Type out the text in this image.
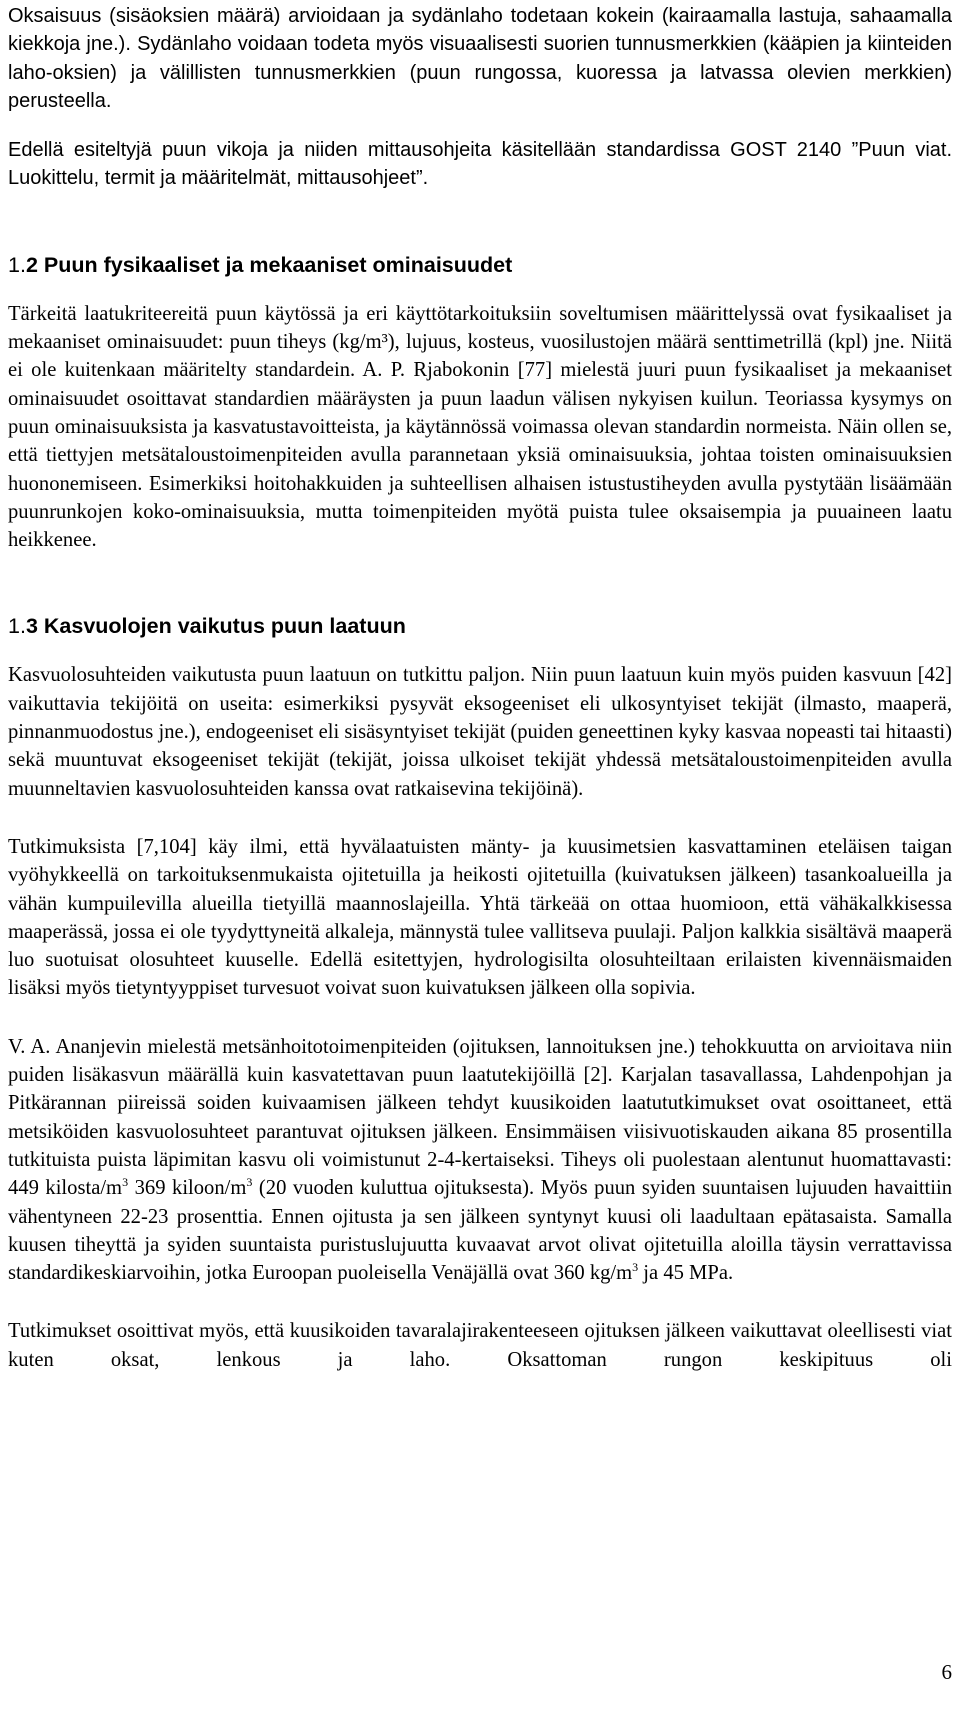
Oksaisuus (sisäoksien määrä) arvioidaan ja sydänlaho todetaan kokein (kairaamalla lastuja, sahaamalla kiekkoja jne.). Sydänlaho voidaan todeta myös visuaalisesti suorien tunnusmerkkien (kääpien ja kiinteiden laho-oksien) ja välillisten tunnusmerkkien (puun rungossa, kuoressa ja latvassa olevien merkkien) perusteella.

Edellä esiteltyjä puun vikoja ja niiden mittausohjeita käsitellään standardissa GOST 2140 ”Puun viat. Luokittelu, termit ja määritelmät, mittausohjeet”.

1.2 Puun fysikaaliset ja mekaaniset ominaisuudet

Tärkeitä laatukriteereitä puun käytössä ja eri käyttötarkoituksiin soveltumisen määrittelyssä ovat fysikaaliset ja mekaaniset ominaisuudet: puun tiheys (kg/m³), lujuus, kosteus, vuosilustojen määrä senttimetrillä (kpl) jne. Niitä ei ole kuitenkaan määritelty standardein. A. P. Rjabokonin [77] mielestä juuri puun fysikaaliset ja mekaaniset ominaisuudet osoittavat standardien määräysten ja puun laadun välisen nykyisen kuilun. Teoriassa kysymys on puun ominaisuuksista ja kasvatustavoitteista, ja käytännössä voimassa olevan standardin normeista. Näin ollen se, että tiettyjen metsätaloustoimenpiteiden avulla parannetaan yksiä ominaisuuksia, johtaa toisten ominaisuuksien huononemiseen. Esimerkiksi hoitohakkuiden ja suhteellisen alhaisen istustustiheyden avulla pystytään lisäämään puunrunkojen koko-ominaisuuksia, mutta toimenpiteiden myötä puista tulee oksaisempia ja puuaineen laatu heikkenee.

1.3 Kasvuolojen vaikutus puun laatuun

Kasvuolosuhteiden vaikutusta puun laatuun on tutkittu paljon. Niin puun laatuun kuin myös puiden kasvuun [42] vaikuttavia tekijöitä on useita: esimerkiksi pysyvät eksogeeniset eli ulkosyntyiset tekijät (ilmasto, maaperä, pinnanmuodostus jne.), endogeeniset eli sisäsyntyiset tekijät (puiden geneettinen kyky kasvaa nopeasti tai hitaasti) sekä muuntuvat eksogeeniset tekijät (tekijät, joissa ulkoiset tekijät yhdessä metsätaloustoimenpiteiden avulla muunneltavien kasvuolosuhteiden kanssa ovat ratkaisevina tekijöinä).

Tutkimuksista [7,104] käy ilmi, että hyvälaatuisten mänty- ja kuusimetsien kasvattaminen eteläisen taigan vyöhykkeellä on tarkoituksenmukaista ojitetuilla ja heikosti ojitetuilla (kuivatuksen jälkeen) tasankoalueilla ja vähän kumpuilevilla alueilla tietyillä maannoslajeilla. Yhtä tärkeää on ottaa huomioon, että vähäkalkkisessa maaperässä, jossa ei ole tyydyttyneitä alkaleja, männystä tulee vallitseva puulaji. Paljon kalkkia sisältävä maaperä luo suotuisat olosuhteet kuuselle. Edellä esitettyjen, hydrologisilta olosuhteiltaan erilaisten kivennäismaiden lisäksi myös tietyntyyppiset turvesuot voivat suon kuivatuksen jälkeen olla sopivia.

V. A. Ananjevin mielestä metsänhoitotoimenpiteiden (ojituksen, lannoituksen jne.) tehokkuutta on arvioitava niin puiden lisäkasvun määrällä kuin kasvatettavan puun laatutekijöillä [2]. Karjalan tasavallassa, Lahdenpohjan ja Pitkärannan piireissä soiden kuivaamisen jälkeen tehdyt kuusikoiden laatututkimukset ovat osoittaneet, että metsiköiden kasvuolosuhteet parantuvat ojituksen jälkeen. Ensimmäisen viisivuotiskauden aikana 85 prosentilla tutkituista puista läpimitan kasvu oli voimistunut 2-4-kertaiseksi. Tiheys oli puolestaan alentunut huomattavasti: 449 kilosta/$m^3$ 369 kiloon/$m^3$ (20 vuoden kuluttua ojituksesta). Myös puun syiden suuntaisen lujuuden havaittiin vähentyneen 22-23 prosenttia. Ennen ojitusta ja sen jälkeen syntynyt kuusi oli laadultaan epätasaista. Samalla kuusen tiheyttä ja syiden suuntaista puristuslujuutta kuvaavat arvot olivat ojitetuilla aloilla täysin verrattavissa standardikeskiarvoihin, jotka Euroopan puoleisella Venäjällä ovat 360 $kg/m^3$ ja 45 MPa.

Tutkimukset osoittivat myös, että kuusikoiden tavaralajirakenteeseen ojituksen jälkeen vaikuttavat oleellisesti viat kuten oksat, lenkous ja laho. Oksattoman rungon keskipituus oli

6
